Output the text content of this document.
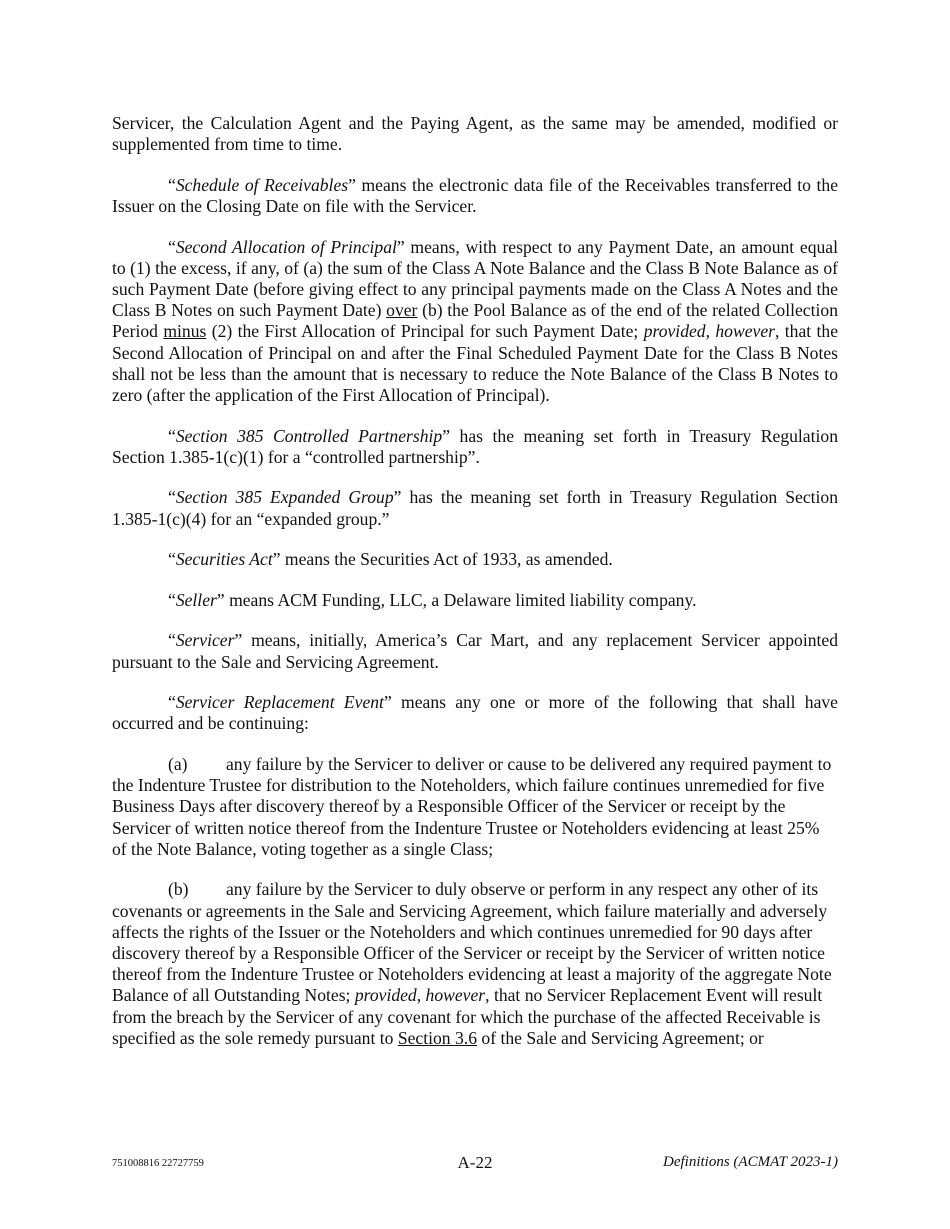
Servicer, the Calculation Agent and the Paying Agent, as the same may be amended, modified or supplemented from time to time.

“Schedule of Receivables” means the electronic data file of the Receivables transferred to the Issuer on the Closing Date on file with the Servicer.

“Second Allocation of Principal” means, with respect to any Payment Date, an amount equal to (1) the excess, if any, of (a) the sum of the Class A Note Balance and the Class B Note Balance as of such Payment Date (before giving effect to any principal payments made on the Class A Notes and the Class B Notes on such Payment Date) over (b) the Pool Balance as of the end of the related Collection Period minus (2) the First Allocation of Principal for such Payment Date; provided, however, that the Second Allocation of Principal on and after the Final Scheduled Payment Date for the Class B Notes shall not be less than the amount that is necessary to reduce the Note Balance of the Class B Notes to zero (after the application of the First Allocation of Principal).

“Section 385 Controlled Partnership” has the meaning set forth in Treasury Regulation Section 1.385-1(c)(1) for a “controlled partnership”.

“Section 385 Expanded Group” has the meaning set forth in Treasury Regulation Section 1.385-1(c)(4) for an “expanded group.”

“Securities Act” means the Securities Act of 1933, as amended.

“Seller” means ACM Funding, LLC, a Delaware limited liability company.

“Servicer” means, initially, America’s Car Mart, and any replacement Servicer appointed pursuant to the Sale and Servicing Agreement.

“Servicer Replacement Event” means any one or more of the following that shall have occurred and be continuing:

(a) any failure by the Servicer to deliver or cause to be delivered any required payment to the Indenture Trustee for distribution to the Noteholders, which failure continues unremedied for five Business Days after discovery thereof by a Responsible Officer of the Servicer or receipt by the Servicer of written notice thereof from the Indenture Trustee or Noteholders evidencing at least 25% of the Note Balance, voting together as a single Class;

(b) any failure by the Servicer to duly observe or perform in any respect any other of its covenants or agreements in the Sale and Servicing Agreement, which failure materially and adversely affects the rights of the Issuer or the Noteholders and which continues unremedied for 90 days after discovery thereof by a Responsible Officer of the Servicer or receipt by the Servicer of written notice thereof from the Indenture Trustee or Noteholders evidencing at least a majority of the aggregate Note Balance of all Outstanding Notes; provided, however, that no Servicer Replacement Event will result from the breach by the Servicer of any covenant for which the purchase of the affected Receivable is specified as the sole remedy pursuant to Section 3.6 of the Sale and Servicing Agreement; or

751008816 22727759	A-22	Definitions (ACMAT 2023-1)
